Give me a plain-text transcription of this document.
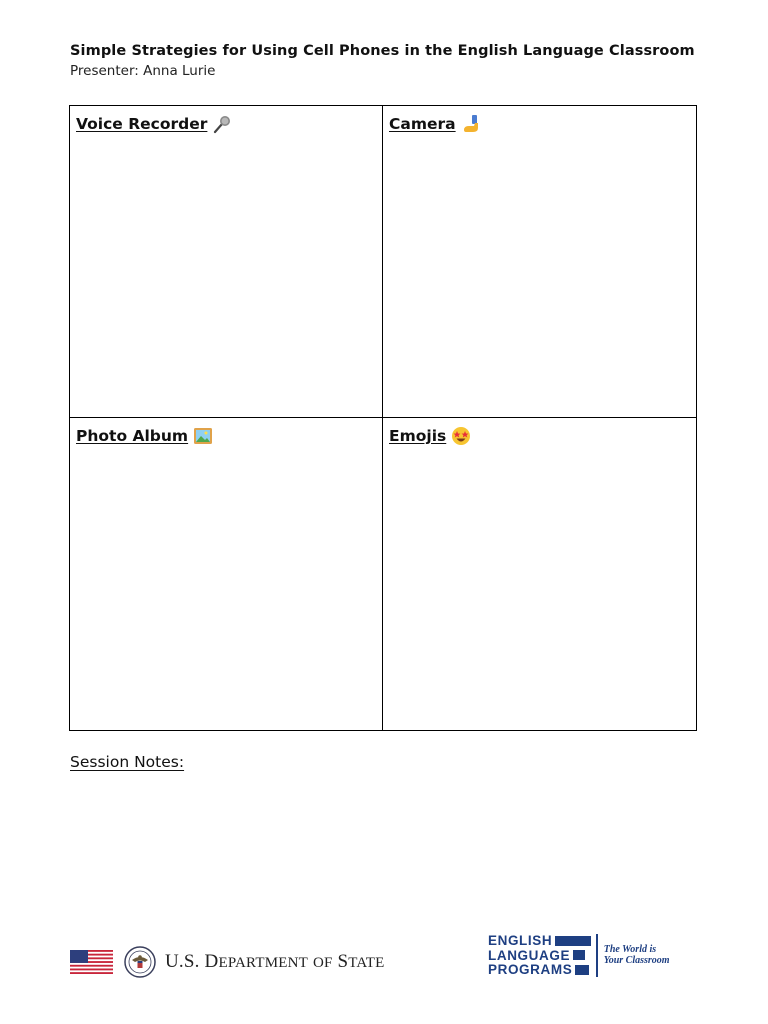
Simple Strategies for Using Cell Phones in the English Language Classroom
Presenter: Anna Lurie
Voice Recorder	Camera
Photo Album	Emojis
Session Notes:
U.S. DEPARTMENT OF STATE
ENGLISH
LANGUAGE
PROGRAMS
The World is
Your Classroom
